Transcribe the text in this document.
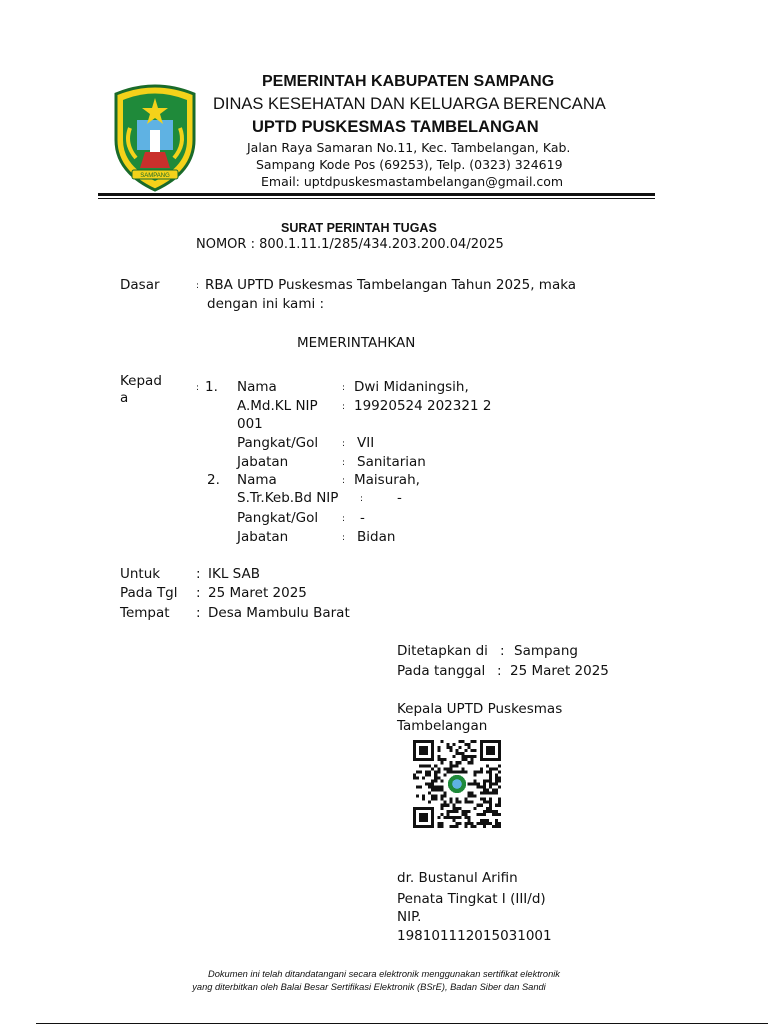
SAMPANG
PEMERINTAH KABUPATEN SAMPANG
DINAS KESEHATAN DAN KELUARGA BERENCANA
UPTD PUSKESMAS TAMBELANGAN
Jalan Raya Samaran No.11, Kec. Tambelangan, Kab.
Sampang Kode Pos (69253), Telp. (0323) 324619
Email: uptdpuskesmastambelangan@gmail.com
SURAT PERINTAH TUGAS
NOMOR : 800.1.11.1/285/434.203.200.04/2025
Dasar	: RBA UPTD Puskesmas Tambelangan Tahun 2025, maka
dengan ini kami :
MEMERINTAHKAN
Kepad
a
: 1. Nama	: Dwi Midaningsih,
A.Md.KL NIP	: 19920524 202321 2
001
Pangkat/Gol	: VII
Jabatan	: Sanitarian
2. Nama	: Maisurah,
S.Tr.Keb.Bd NIP :	-
Pangkat/Gol	: -
Jabatan	: Bidan
Untuk	: IKL SAB
Pada Tgl : 25 Maret 2025
Tempat : Desa Mambulu Barat
Ditetapkan di : Sampang
Pada tanggal : 25 Maret 2025
Kepala UPTD Puskesmas
Tambelangan
dr. Bustanul Arifin
Penata Tingkat I (III/d)
NIP.
198101112015031001
Dokumen ini telah ditandatangani secara elektronik menggunakan sertifikat elektronik
yang diterbitkan oleh Balai Besar Sertifikasi Elektronik (BSrE), Badan Siber dan Sandi
